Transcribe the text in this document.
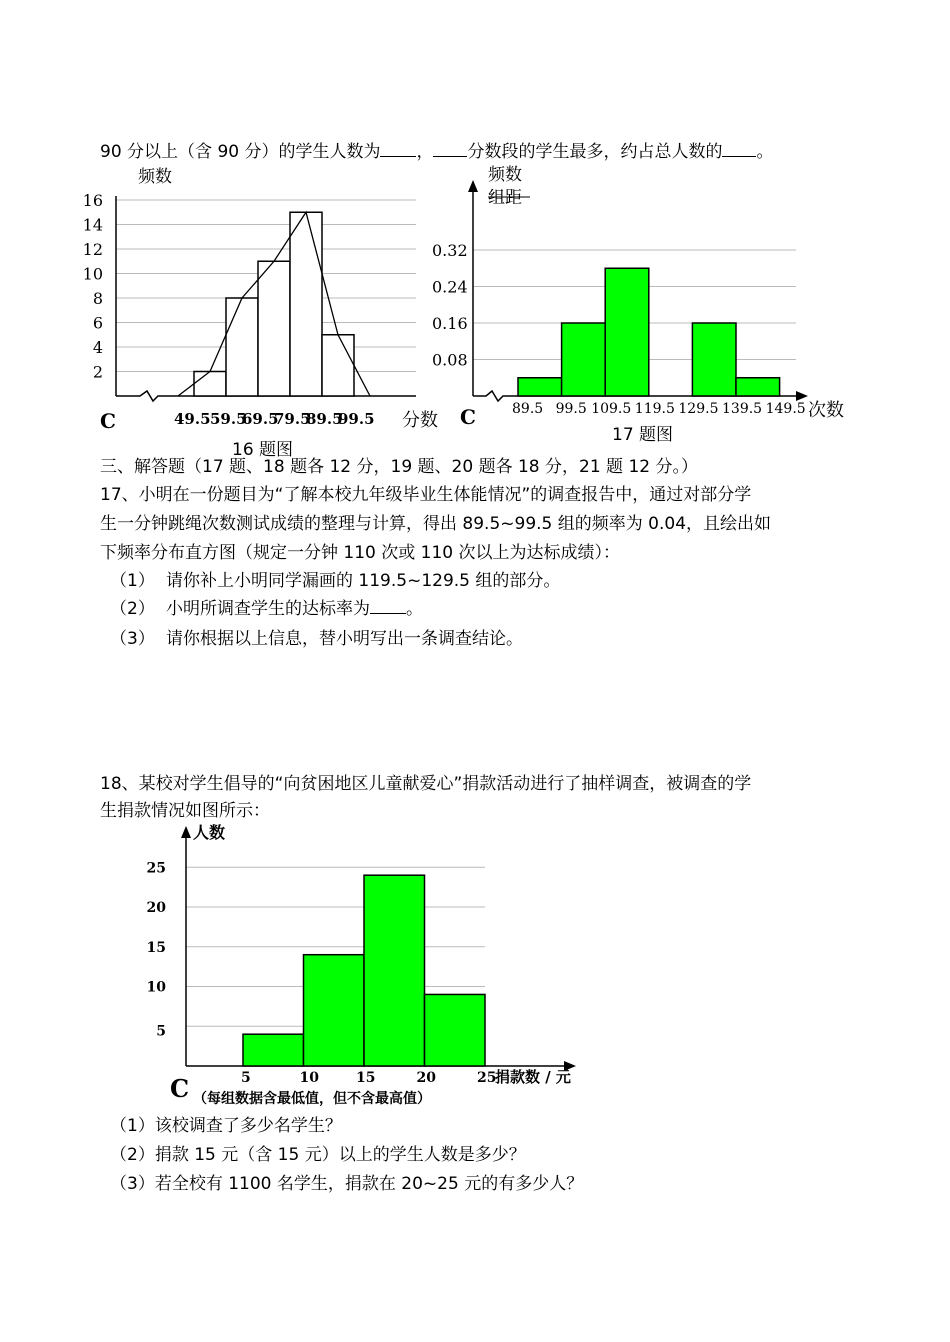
90 分以上（含 90 分）的学生人数为 ， 分数段的学生最多，约占总人数的 。
2
4
6
8
10
12
14
16
49.5 59.5
69.5
79.5
89.5
99.5
频数
分数
C
0.08
0.16
0.24
0.32
89.5 99.5 109.5 119.5 129.5 139.5 149.5
频数
组距
次数
C
5
10
15
20
25
5	10	15	20	25
人数
捐款数 / 元
C （每组数据含最低值，但不含最高值）
16 题图
17 题图
三、解答题（17 题、18 题各 12 分，19 题、20 题各 18 分，21 题 12 分。）
17、小明在一份题目为“了解本校九年级毕业生体能情况”的调查报告中，通过对部分学
生一分钟跳绳次数测试成绩的整理与计算，得出 89.5~99.5 组的频率为 0.04，且绘出如
下频率分布直方图（规定一分钟 110 次或 110 次以上为达标成绩）：
（1） 请你补上小明同学漏画的 119.5~129.5 组的部分。
（2） 小明所调查学生的达标率为 。
（3） 请你根据以上信息，替小明写出一条调查结论。
18、某校对学生倡导的“向贫困地区儿童献爱心”捐款活动进行了抽样调查，被调查的学
生捐款情况如图所示：
（1）该校调查了多少名学生？
（2）捐款 15 元（含 15 元）以上的学生人数是多少？
（3）若全校有 1100 名学生，捐款在 20~25 元的有多少人？
